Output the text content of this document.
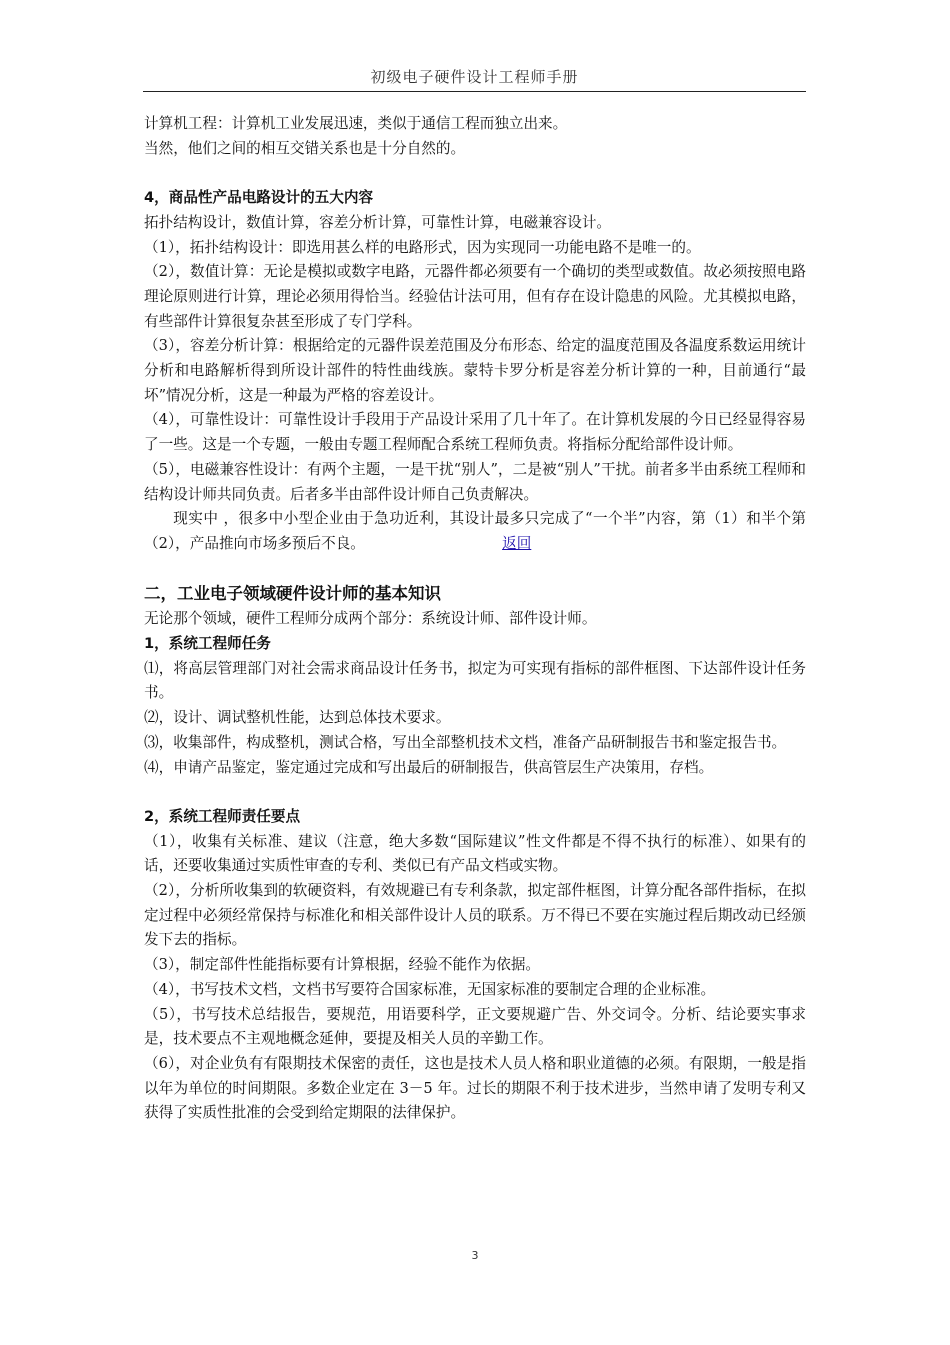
初级电子硬件设计工程师手册

计算机工程：计算机工业发展迅速，类似于通信工程而独立出来。

当然，他们之间的相互交错关系也是十分自然的。

4，商品性产品电路设计的五大内容

拓扑结构设计，数值计算，容差分析计算，可靠性计算，电磁兼容设计。

（1），拓扑结构设计：即选用甚么样的电路形式，因为实现同一功能电路不是唯一的。

（2），数值计算：无论是模拟或数字电路，元器件都必须要有一个确切的类型或数值。故必须按照电路理论原则进行计算，理论必须用得恰当。经验估计法可用，但有存在设计隐患的风险。尤其模拟电路，有些部件计算很复杂甚至形成了专门学科。

（3），容差分析计算：根据给定的元器件误差范围及分布形态、给定的温度范围及各温度系数运用统计分析和电路解析得到所设计部件的特性曲线族。蒙特卡罗分析是容差分析计算的一种，目前通行“最坏”情况分析，这是一种最为严格的容差设计。

（4），可靠性设计：可靠性设计手段用于产品设计采用了几十年了。在计算机发展的今日已经显得容易了一些。这是一个专题，一般由专题工程师配合系统工程师负责。将指标分配给部件设计师。

（5），电磁兼容性设计：有两个主题，一是干扰“别人”，二是被“别人”干扰。前者多半由系统工程师和结构设计师共同负责。后者多半由部件设计师自己负责解决。

现实中 ，很多中小型企业由于急功近利，其设计最多只完成了“一个半”内容，第（1）和半个第（2），产品推向市场多预后不良。	返回

二，工业电子领域硬件设计师的基本知识

无论那个领域，硬件工程师分成两个部分：系统设计师、部件设计师。

1，系统工程师任务

⑴，将高层管理部门对社会需求商品设计任务书，拟定为可实现有指标的部件框图、下达部件设计任务书。

⑵，设计、调试整机性能，达到总体技术要求。

⑶，收集部件，构成整机，测试合格，写出全部整机技术文档，准备产品研制报告书和鉴定报告书。

⑷，申请产品鉴定，鉴定通过完成和写出最后的研制报告，供高管层生产决策用，存档。

2，系统工程师责任要点

（1），收集有关标准、建议（注意，绝大多数“国际建议”性文件都是不得不执行的标准）、如果有的话，还要收集通过实质性审查的专利、类似已有产品文档或实物。

（2），分析所收集到的软硬资料，有效规避已有专利条款，拟定部件框图，计算分配各部件指标，在拟定过程中必须经常保持与标准化和相关部件设计人员的联系。万不得已不要在实施过程后期改动已经颁发下去的指标。

（3），制定部件性能指标要有计算根据，经验不能作为依据。

（4），书写技术文档，文档书写要符合国家标准，无国家标准的要制定合理的企业标准。

（5），书写技术总结报告，要规范，用语要科学，正文要规避广告、外交词令。分析、结论要实事求是，技术要点不主观地概念延伸，要提及相关人员的辛勤工作。

（6），对企业负有有限期技术保密的责任，这也是技术人员人格和职业道德的必须。有限期，一般是指以年为单位的时间期限。多数企业定在 3－5 年。过长的期限不利于技术进步，当然申请了发明专利又获得了实质性批准的会受到给定期限的法律保护。

3
